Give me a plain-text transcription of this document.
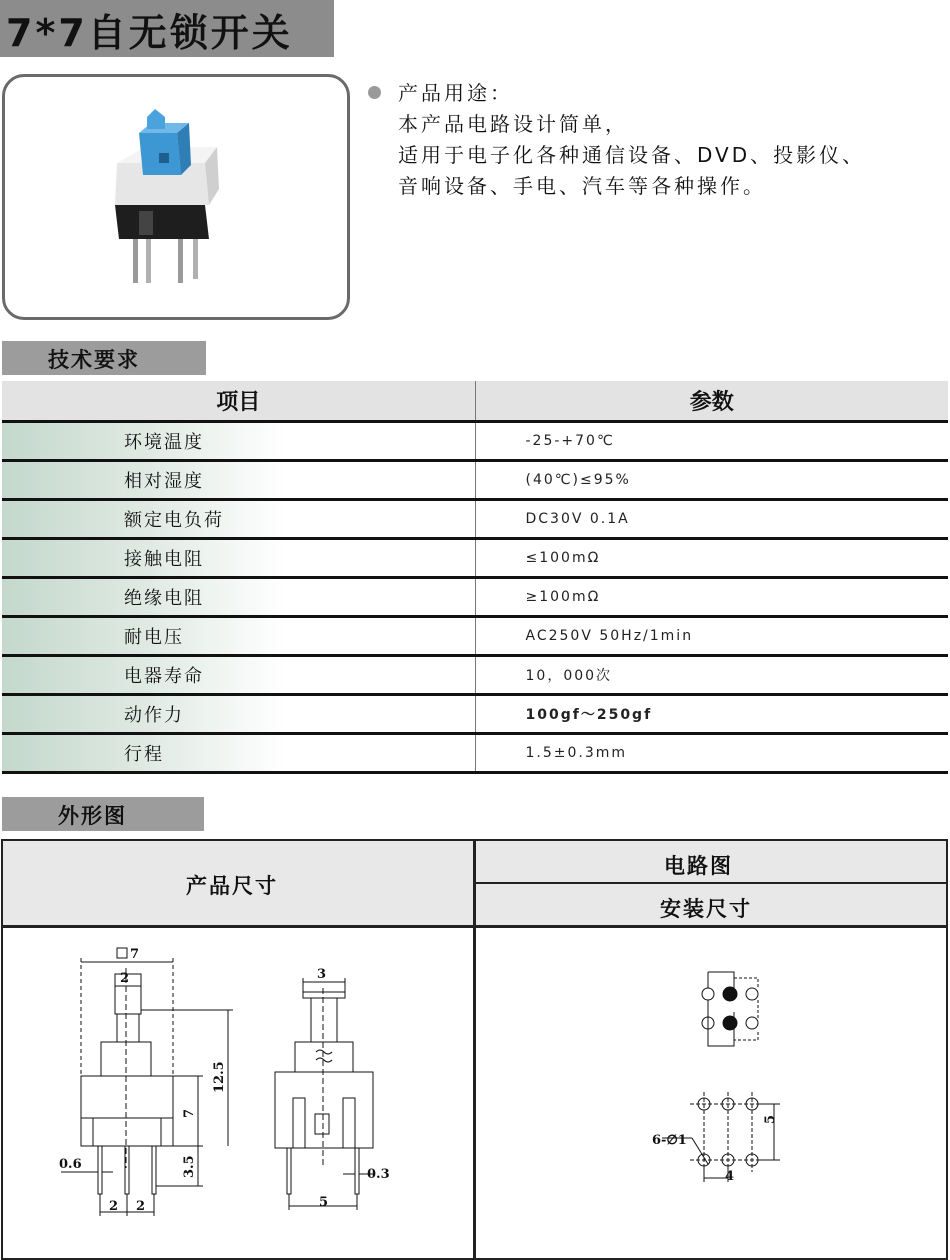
7*7自无锁开关
产品用途：
本产品电路设计简单，
适用于电子化各种通信设备、DVD、投影仪、
音响设备、手电、汽车等各种操作。
技术要求
项目	参数
环境温度	-25-+70℃
相对湿度	(40℃)≤95%
额定电负荷	DC30V 0.1A
接触电阻	≤100mΩ
绝缘电阻	≥100mΩ
耐电压	AC250V 50Hz/1min
电器寿命	10，000次
动作力	100gf～250gf
行程	1.5±0.3mm
外形图
产品尺寸
电路图
安装尺寸
7
2
12.5
7
3.5
0.6
2 2
3
0.3
5
6-∅1
5
4
